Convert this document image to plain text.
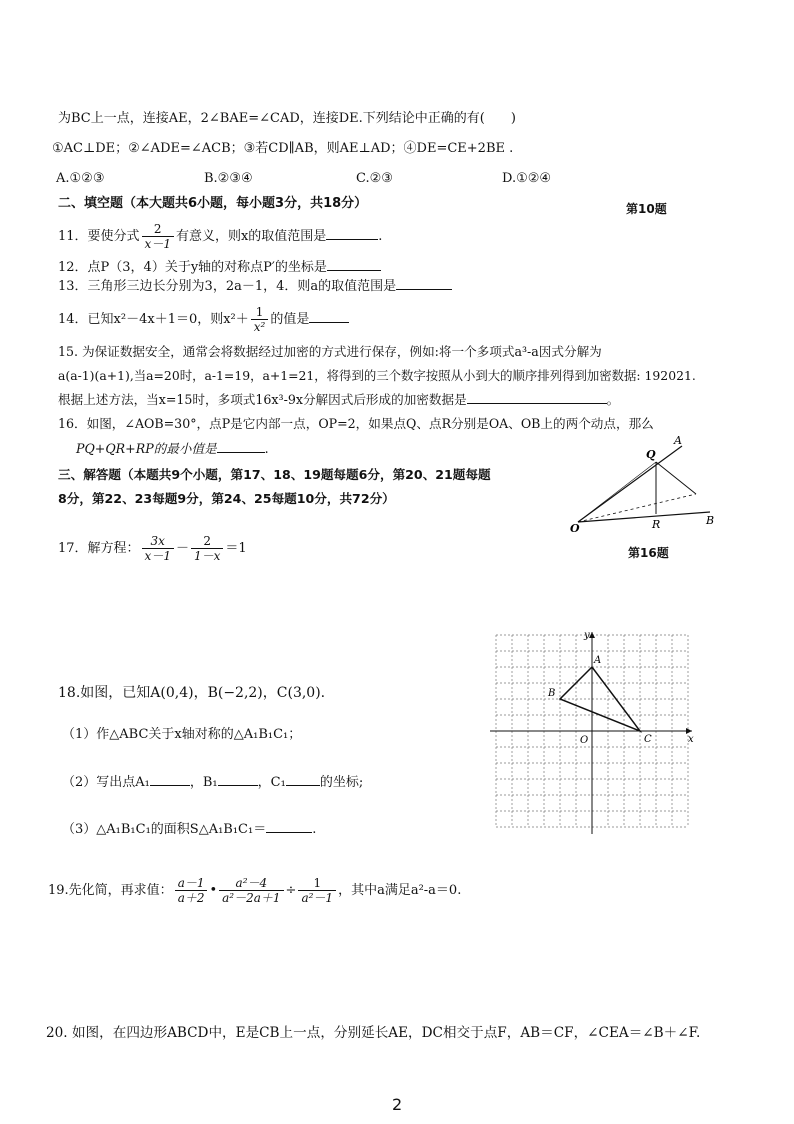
为BC上一点，连接AE，2∠BAE=∠CAD，连接DE.下列结论中正确的有(　　)
①AC⊥DE；②∠ADE=∠ACB；③若CD∥AB，则AE⊥AD；④DE=CE+2BE .
A.①②③	B.②③④	C.②③	D.①②④
第10题
二、填空题（本大题共6小题，每小题3分，共18分）
11．要使分式 $\frac{2}{x-1}$ 有意义，则x的取值范围是	.
12．点P（3，4）关于y轴的对称点P′的坐标是
13．三角形三边长分别为3，2a－1，4．则a的取值范围是
14．已知x²－4x＋1＝0，则$x^2+ \frac{1}{\text{x²}}$ 的值是
15. 为保证数据安全，通常会将数据经过加密的方式进行保存，例如:将一个多项式a³-a因式分解为
a(a-1)(a+1),当a=20时，a-1=19，a+1=21，将得到的三个数字按照从小到大的顺序排列得到加密数据: 192021.
根据上述方法，当x=15时，多项式16x³-9x分解因式后形成的加密数据是	。
16．如图，∠AOB=30°，点P是它内部一点，OP=2，如果点Q、点R分别是OA、OB上的两个动点，那么
PQ+QR+RP的最小值是	.
三、解答题（本题共9个小题，第17、18、19题每题6分，第20、21题每题
8分，第22、23每题9分，第24、25每题10分，共72分）
A
Q
O	R	B
第16题
17．解方程： $\frac{3x}{x-1} - \frac{2}{1-x} =1$
18.如图，已知A(0,4)，B(−2,2)，C(3,0).
（1）作△ABC关于x轴对称的△A₁B₁C₁；
（2）写出点A₁	，B₁	，C₁	的坐标;
（3）△A₁B₁C₁的面积S△A₁B₁C₁＝	.
y
x
O
A
B
C
19.先化简，再求值： $\frac{a-1}{a+2}$ • $\frac{\text{a²－4}}{\text{a²－2a＋1}} \div \frac{1}{\text{a²－1}}$ ，其中a满足a²-a＝0.
20. 如图，在四边形ABCD中，E是CB上一点，分别延长AE，DC相交于点F，AB＝CF，∠CEA＝∠B＋∠F.
2
